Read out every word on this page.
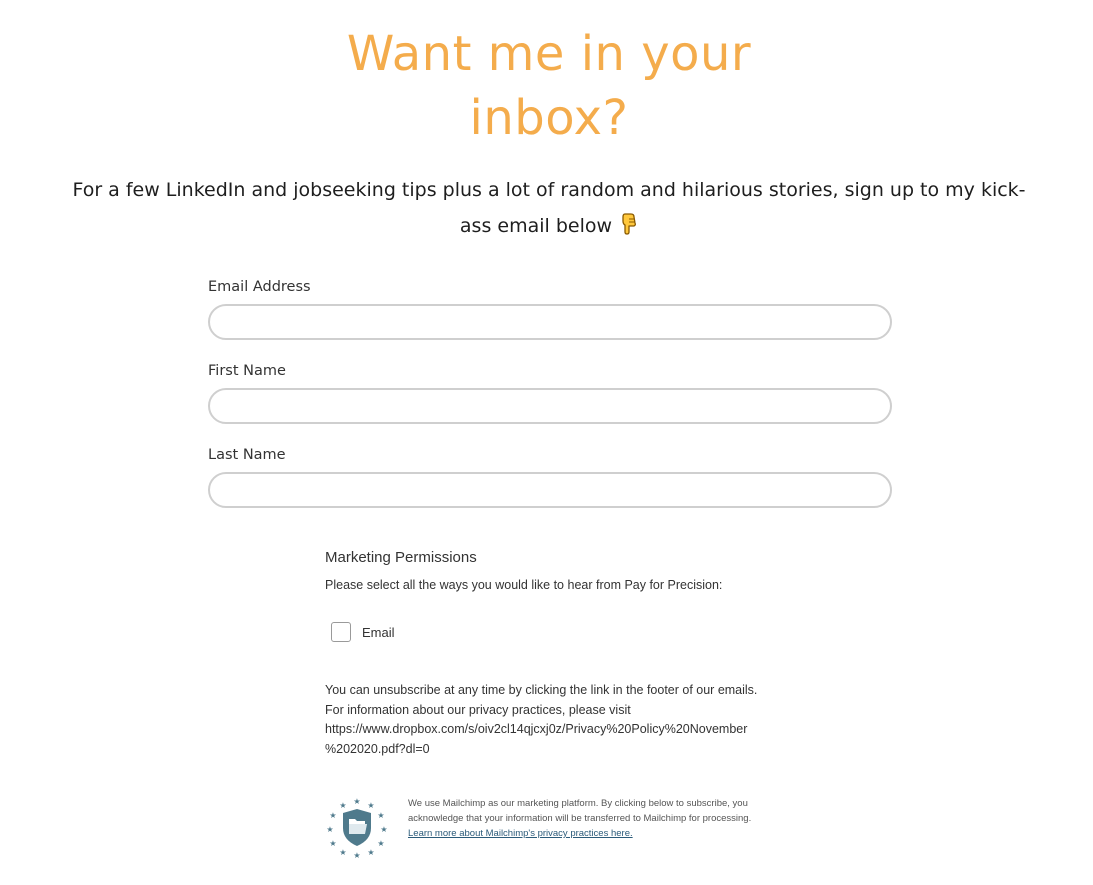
Want me in your
inbox?

For a few LinkedIn and jobseeking tips plus a lot of random and hilarious stories, sign up to my kick-ass email below

Email Address
First Name
Last Name
Marketing Permissions
Please select all the ways you would like to hear from Pay for Precision:
Email

You can unsubscribe at any time by clicking the link in the footer of our emails.
For information about our privacy practices, please visit
https://www.dropbox.com/s/oiv2cl14qjcxj0z/Privacy%20Policy%20November
%202020.pdf?dl=0

★ ★
★
★
★
★
★
★
★
★
★
★	We use Mailchimp as our marketing platform. By clicking below to subscribe, you acknowledge that your information will be transferred to Mailchimp for processing.
Learn more about Mailchimp's privacy practices here.
